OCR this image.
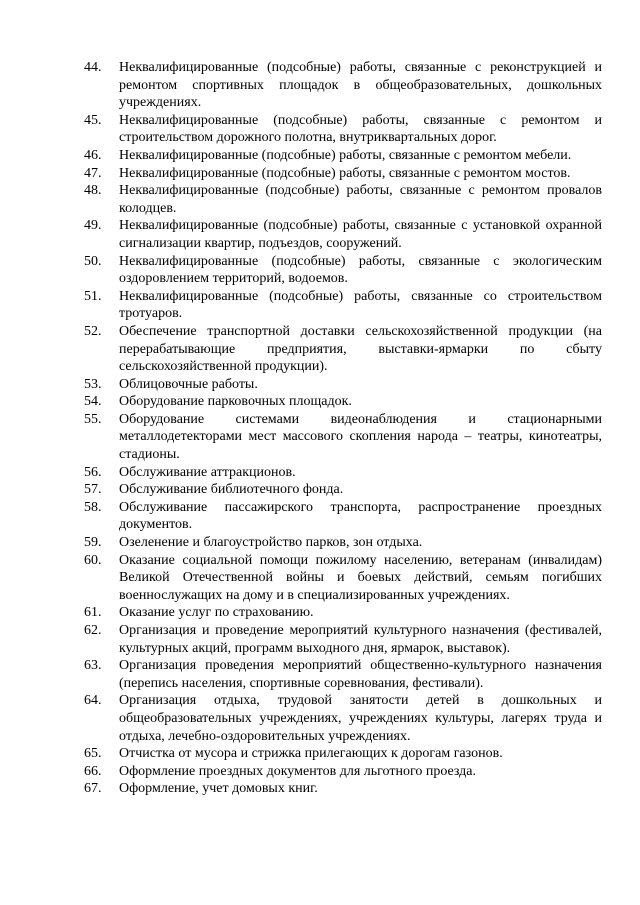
44. Неквалифицированные (подсобные) работы, связанные с реконструкцией и ремонтом спортивных площадок в общеобразовательных, дошкольных учреждениях.
45. Неквалифицированные (подсобные) работы, связанные с ремонтом и строительством дорожного полотна, внутриквартальных дорог.
46. Неквалифицированные (подсобные) работы, связанные с ремонтом мебели.
47. Неквалифицированные (подсобные) работы, связанные с ремонтом мостов.
48. Неквалифицированные (подсобные) работы, связанные с ремонтом провалов колодцев.
49. Неквалифицированные (подсобные) работы, связанные с установкой охранной сигнализации квартир, подъездов, сооружений.
50. Неквалифицированные (подсобные) работы, связанные с экологическим оздоровлением территорий, водоемов.
51. Неквалифицированные (подсобные) работы, связанные со строительством тротуаров.
52. Обеспечение транспортной доставки сельскохозяйственной продукции (на перерабатывающие предприятия, выставки-ярмарки по сбыту сельскохозяйственной продукции).
53. Облицовочные работы.
54. Оборудование парковочных площадок.
55. Оборудование системами видеонаблюдения и стационарными металлодетекторами мест массового скопления народа – театры, кинотеатры, стадионы.
56. Обслуживание аттракционов.
57. Обслуживание библиотечного фонда.
58. Обслуживание пассажирского транспорта, распространение проездных документов.
59. Озеленение и благоустройство парков, зон отдыха.
60. Оказание социальной помощи пожилому населению, ветеранам (инвалидам) Великой Отечественной войны и боевых действий, семьям погибших военнослужащих на дому и в специализированных учреждениях.
61. Оказание услуг по страхованию.
62. Организация и проведение мероприятий культурного назначения (фестивалей, культурных акций, программ выходного дня, ярмарок, выставок).
63. Организация проведения мероприятий общественно-культурного назначения (перепись населения, спортивные соревнования, фестивали).
64. Организация отдыха, трудовой занятости детей в дошкольных и общеобразовательных учреждениях, учреждениях культуры, лагерях труда и отдыха, лечебно-оздоровительных учреждениях.
65. Отчистка от мусора и стрижка прилегающих к дорогам газонов.
66. Оформление проездных документов для льготного проезда.
67. Оформление, учет домовых книг.
